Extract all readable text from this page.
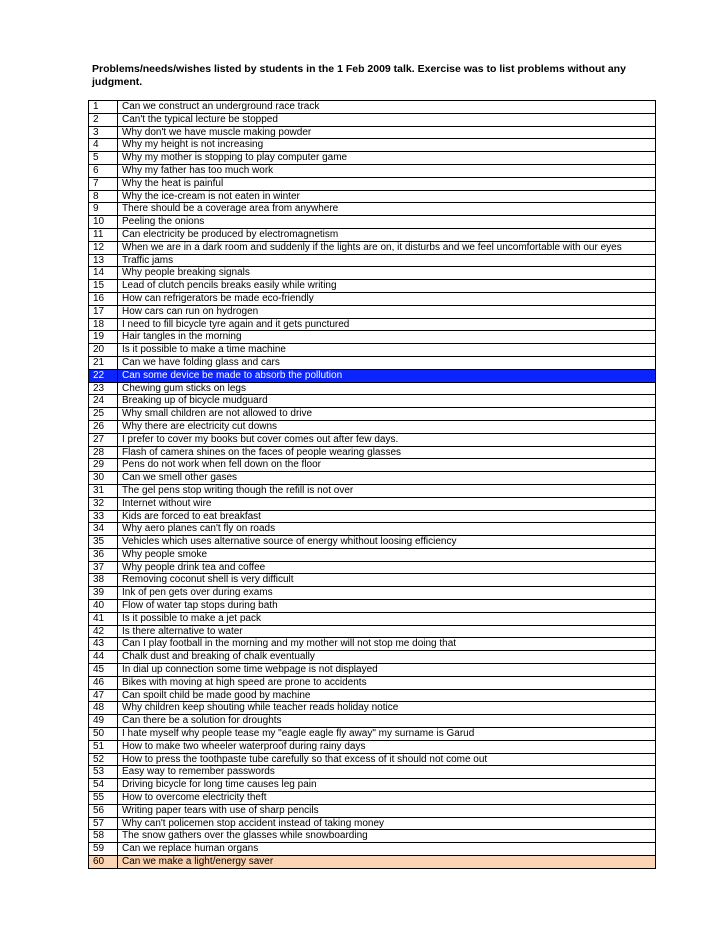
Problems/needs/wishes listed by students in the 1 Feb 2009 talk. Exercise was to list problems without any judgment.

1	Can we construct an underground race track
2	Can't the typical lecture be stopped
3	Why don't we have muscle making powder
4	Why my height is not increasing
5	Why my mother is stopping to play computer game
6	Why my father has too much work
7	Why the heat is painful
8	Why the ice-cream is not eaten in winter
9	There should be a coverage area from anywhere
10	Peeling the onions
11	Can electricity be produced by electromagnetism
12	When we are in a dark room and suddenly if the lights are on, it disturbs and we feel uncomfortable with our eyes
13	Traffic jams
14	Why people breaking signals
15	Lead of clutch pencils breaks easily while writing
16	How can refrigerators be made eco-friendly
17	How cars can run on hydrogen
18	I need to fill bicycle tyre again and it gets punctured
19	Hair tangles in the morning
20	Is it possible to make a time machine
21	Can we have folding glass and cars
22	Can some device be made to absorb the pollution
23	Chewing gum sticks on legs
24	Breaking up of bicycle mudguard
25	Why small children are not allowed to drive
26	Why there are electricity cut downs
27	I prefer to cover my books but cover comes out after few days.
28	Flash of camera shines on the faces of people wearing glasses
29	Pens do not work when fell down on the floor
30	Can we smell other gases
31	The gel pens stop writing though the refill is not over
32	Internet without wire
33	Kids are forced to eat breakfast
34	Why aero planes can't fly on roads
35	Vehicles which uses alternative source of energy whithout loosing efficiency
36	Why people smoke
37	Why people drink tea and coffee
38	Removing coconut shell is very difficult
39	Ink of pen gets over during exams
40	Flow of water tap stops during bath
41	Is it possible to make a jet pack
42	Is there alternative to water
43	Can I play football in the morning and my mother will not stop me doing that
44	Chalk dust and breaking of chalk eventually
45	In dial up connection some time webpage is not displayed
46	Bikes with moving at high speed are prone to accidents
47	Can spoilt child be made good by machine
48	Why children keep shouting while teacher reads holiday notice
49	Can there be a solution for droughts
50	I hate myself why people tease my "eagle eagle fly away" my surname is Garud
51	How to make two wheeler waterproof during rainy days
52	How to press the toothpaste tube carefully so that excess of it should not come out
53	Easy way to remember passwords
54	Driving bicycle for long time causes leg pain
55	How to overcome electricity theft
56	Writing paper tears with use of sharp pencils
57	Why can't policemen stop accident instead of taking money
58	The snow gathers over the glasses while snowboarding
59	Can we replace human organs
60	Can we make a light/energy saver
